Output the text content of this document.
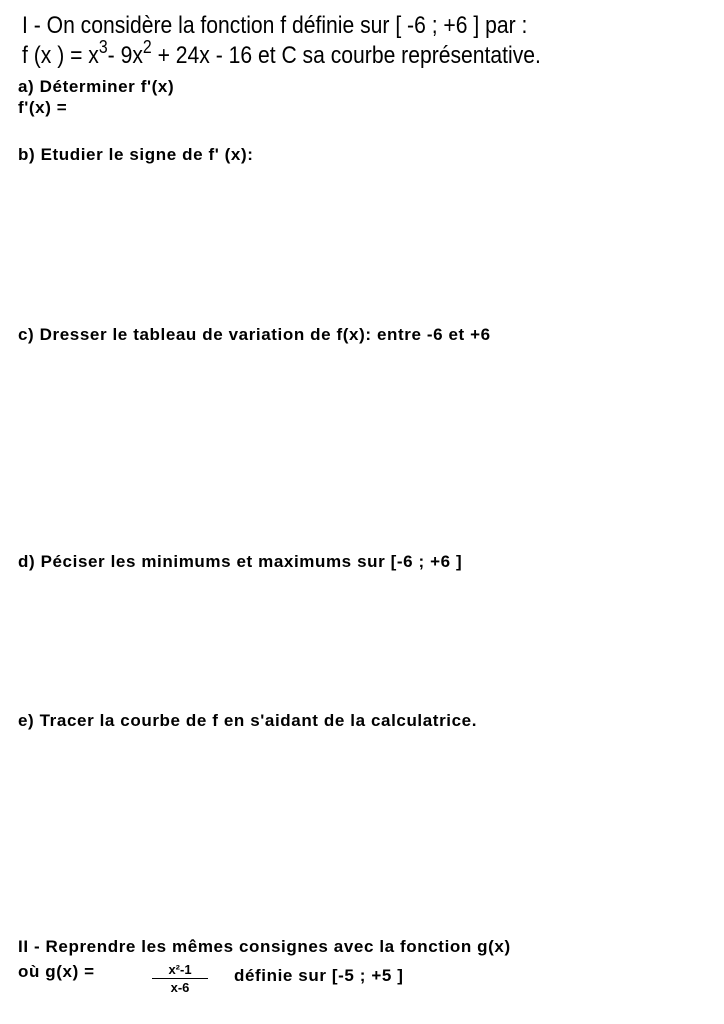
I - On considère la fonction f définie sur [ -6 ; +6 ] par :
f (x ) = $x^3-$ $9x^2 + 24x - 16$ et C sa courbe représentative.
a) Déterminer f'(x)
f'(x) =
b) Etudier le signe de f' (x):
c) Dresser le tableau de variation de f(x): entre -6 et +6
d) Péciser les minimums et maximums sur [-6 ; +6 ]
e) Tracer la courbe de f en s'aidant de la calculatrice.
II - Reprendre les mêmes consignes avec la fonction g(x)
où g(x) =	$\frac{\text{x²-1}}{x-6}$ définie sur [-5 ; +5 ]
